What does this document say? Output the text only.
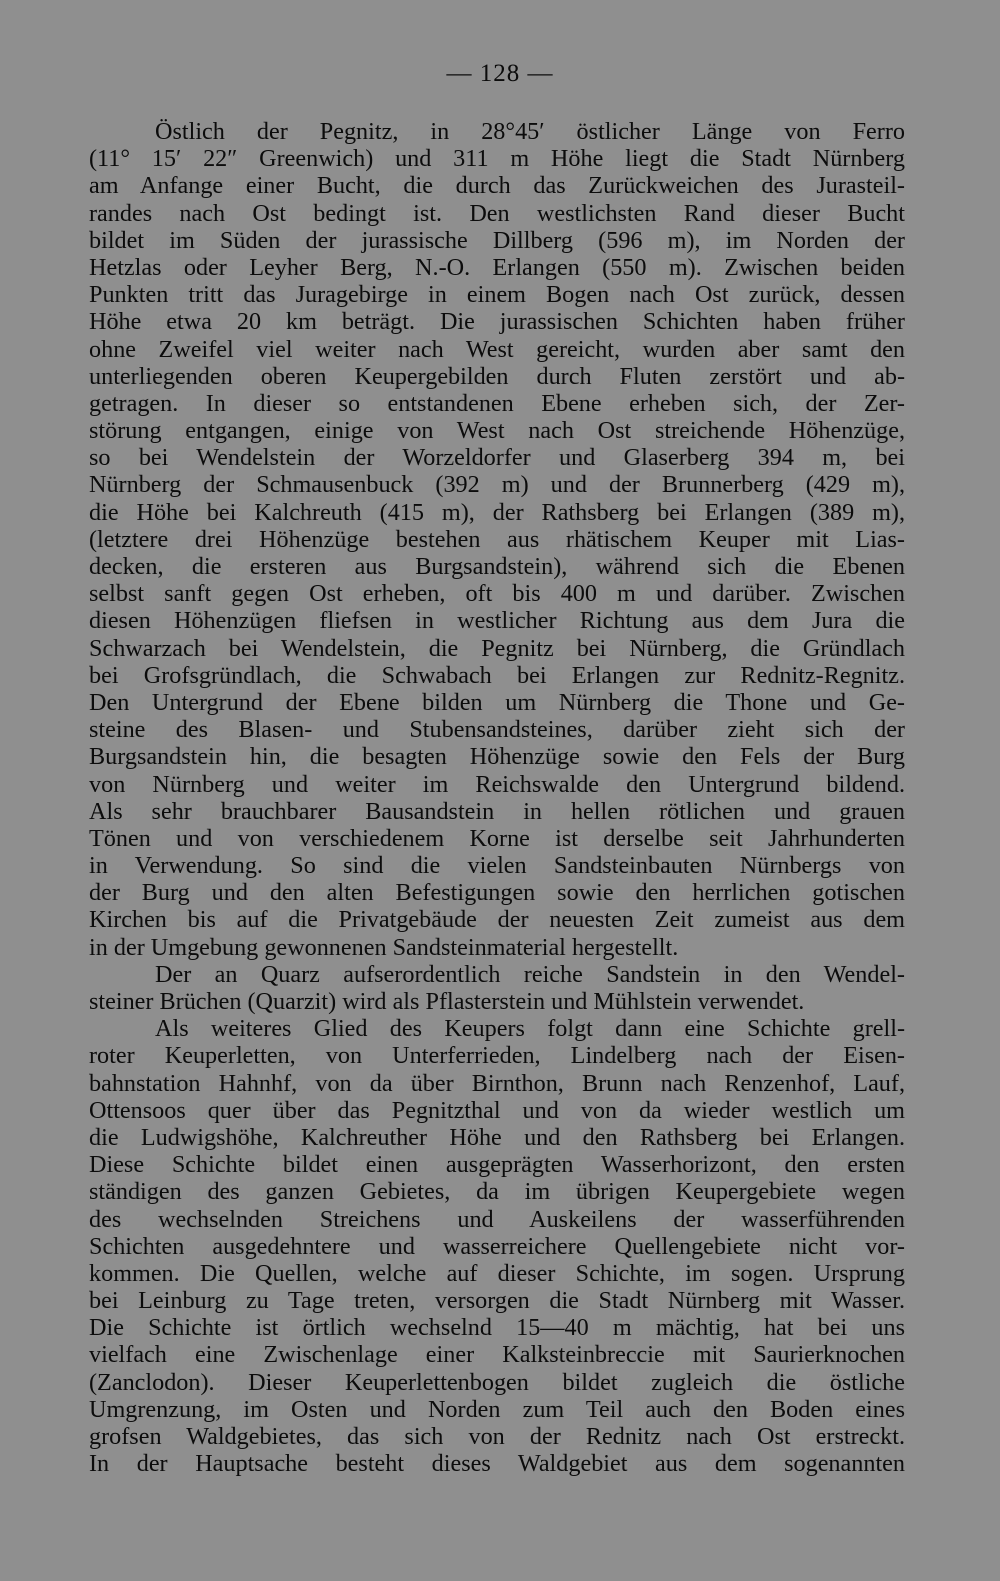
— 128 —
Östlich der Pegnitz, in 28°45′ östlicher Länge von Ferro
(11° 15′ 22″ Greenwich) und 311 m Höhe liegt die Stadt Nürnberg
am Anfange einer Bucht, die durch das Zurückweichen des Jurasteil-
randes nach Ost bedingt ist. Den westlichsten Rand dieser Bucht
bildet im Süden der jurassische Dillberg (596 m), im Norden der
Hetzlas oder Leyher Berg, N.-O. Erlangen (550 m). Zwischen beiden
Punkten tritt das Juragebirge in einem Bogen nach Ost zurück, dessen
Höhe etwa 20 km beträgt. Die jurassischen Schichten haben früher
ohne Zweifel viel weiter nach West gereicht, wurden aber samt den
unterliegenden oberen Keupergebilden durch Fluten zerstört und ab-
getragen. In dieser so entstandenen Ebene erheben sich, der Zer-
störung entgangen, einige von West nach Ost streichende Höhenzüge,
so bei Wendelstein der Worzeldorfer und Glaserberg 394 m, bei
Nürnberg der Schmausenbuck (392 m) und der Brunnerberg (429 m),
die Höhe bei Kalchreuth (415 m), der Rathsberg bei Erlangen (389 m),
(letztere drei Höhenzüge bestehen aus rhätischem Keuper mit Lias-
decken, die ersteren aus Burgsandstein), während sich die Ebenen
selbst sanft gegen Ost erheben, oft bis 400 m und darüber. Zwischen
diesen Höhenzügen fliefsen in westlicher Richtung aus dem Jura die
Schwarzach bei Wendelstein, die Pegnitz bei Nürnberg, die Gründlach
bei Grofsgründlach, die Schwabach bei Erlangen zur Rednitz-Regnitz.
Den Untergrund der Ebene bilden um Nürnberg die Thone und Ge-
steine des Blasen- und Stubensandsteines, darüber zieht sich der
Burgsandstein hin, die besagten Höhenzüge sowie den Fels der Burg
von Nürnberg und weiter im Reichswalde den Untergrund bildend.
Als sehr brauchbarer Bausandstein in hellen rötlichen und grauen
Tönen und von verschiedenem Korne ist derselbe seit Jahrhunderten
in Verwendung. So sind die vielen Sandsteinbauten Nürnbergs von
der Burg und den alten Befestigungen sowie den herrlichen gotischen
Kirchen bis auf die Privatgebäude der neuesten Zeit zumeist aus dem
in der Umgebung gewonnenen Sandsteinmaterial hergestellt.
Der an Quarz aufserordentlich reiche Sandstein in den Wendel-
steiner Brüchen (Quarzit) wird als Pflasterstein und Mühlstein verwendet.
Als weiteres Glied des Keupers folgt dann eine Schichte grell-
roter Keuperletten, von Unterferrieden, Lindelberg nach der Eisen-
bahnstation Hahnhf, von da über Birnthon, Brunn nach Renzenhof, Lauf,
Ottensoos quer über das Pegnitzthal und von da wieder westlich um
die Ludwigshöhe, Kalchreuther Höhe und den Rathsberg bei Erlangen.
Diese Schichte bildet einen ausgeprägten Wasserhorizont, den ersten
ständigen des ganzen Gebietes, da im übrigen Keupergebiete wegen
des wechselnden Streichens und Auskeilens der wasserführenden
Schichten ausgedehntere und wasserreichere Quellengebiete nicht vor-
kommen. Die Quellen, welche auf dieser Schichte, im sogen. Ursprung
bei Leinburg zu Tage treten, versorgen die Stadt Nürnberg mit Wasser.
Die Schichte ist örtlich wechselnd 15—40 m mächtig, hat bei uns
vielfach eine Zwischenlage einer Kalksteinbreccie mit Saurierknochen
(Zanclodon). Dieser Keuperlettenbogen bildet zugleich die östliche
Umgrenzung, im Osten und Norden zum Teil auch den Boden eines
grofsen Waldgebietes, das sich von der Rednitz nach Ost erstreckt.
In der Hauptsache besteht dieses Waldgebiet aus dem sogenannten
